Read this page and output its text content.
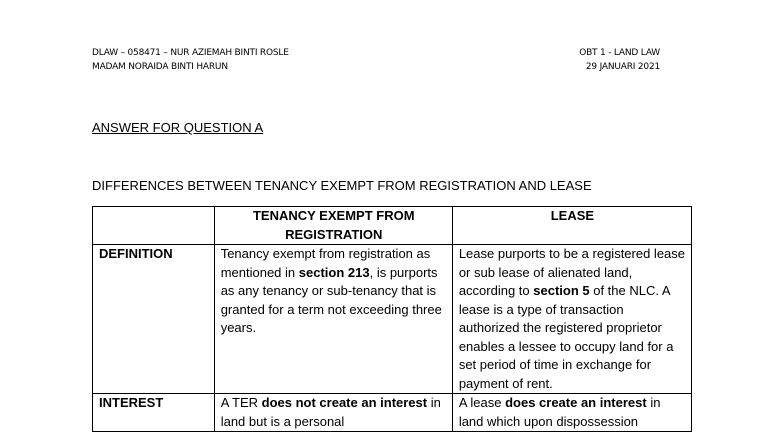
DLAW – 058471 – NUR AZIEMAH BINTI ROSLE
MADAM NORAIDA BINTI HARUN
OBT 1 - LAND LAW
29 JANUARI 2021
ANSWER FOR QUESTION A
DIFFERENCES BETWEEN TENANCY EXEMPT FROM REGISTRATION AND LEASE
	TENANCY EXEMPT FROM REGISTRATION	LEASE
DEFINITION	Tenancy exempt from registration as mentioned in section 213, is purports as any tenancy or sub-tenancy that is granted for a term not exceeding three years.	Lease purports to be a registered lease or sub lease of alienated land, according to section 5 of the NLC. A lease is a type of transaction authorized the registered proprietor enables a lessee to occupy land for a set period of time in exchange for payment of rent.
INTEREST	A TER does not create an interest in land but is a personal	A lease does create an interest in land which upon dispossession
